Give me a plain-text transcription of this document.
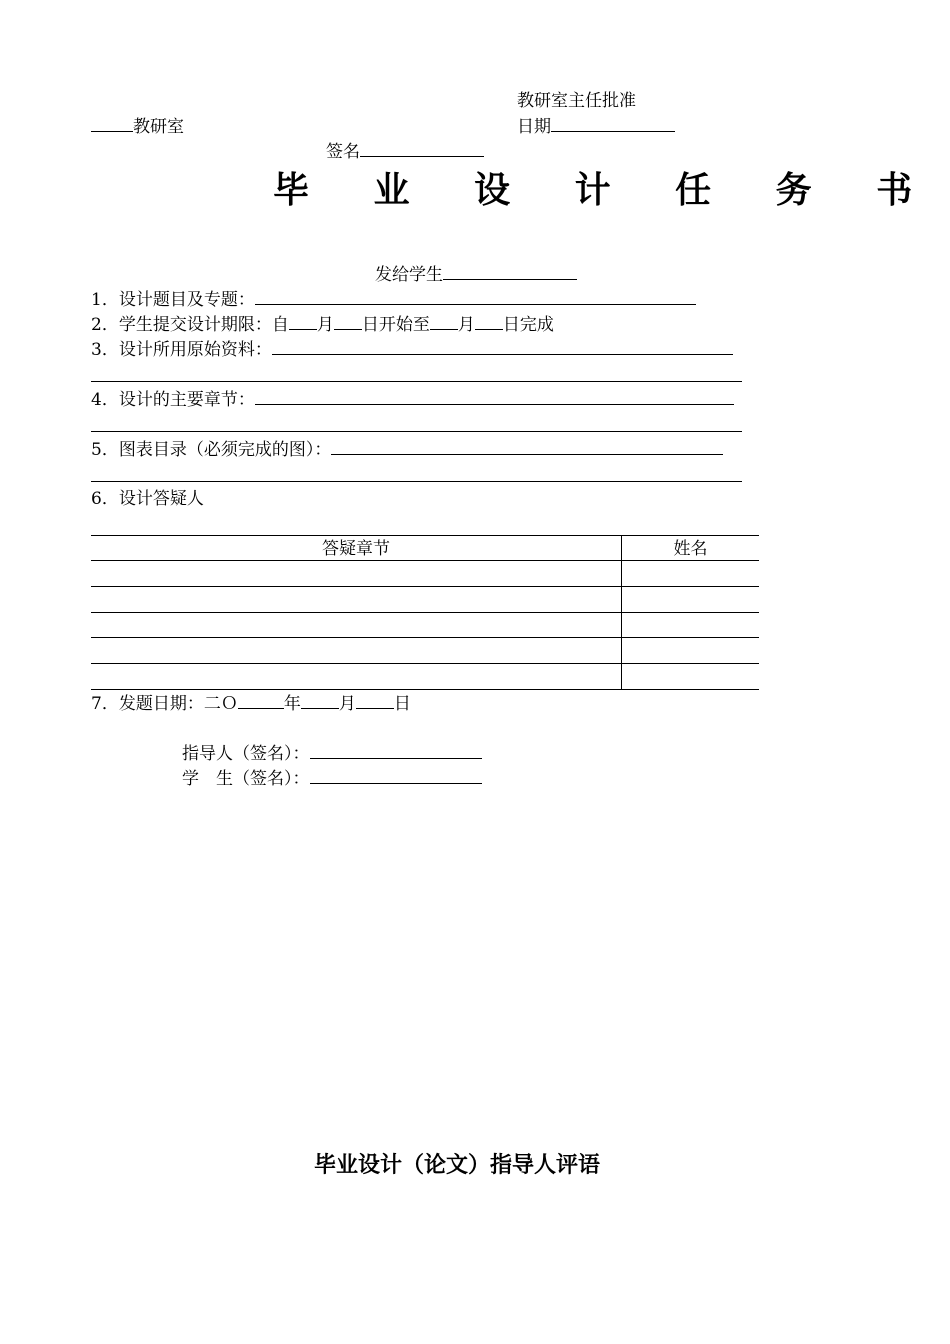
教研室主任批准
教研室	日期
签名
毕 业 设 计 任 务 书
发给学生
1．设计题目及专题：
2．学生提交设计期限：自 月 日开始至 月 日完成
3．设计所用原始资料：
4．设计的主要章节：
5．图表目录（必须完成的图）：
6．设计答疑人
答疑章节	姓名
7．发题日期：二Ｏ	年 月 日
指导人（签名）：
学　生（签名）：
毕业设计（论文）指导人评语
